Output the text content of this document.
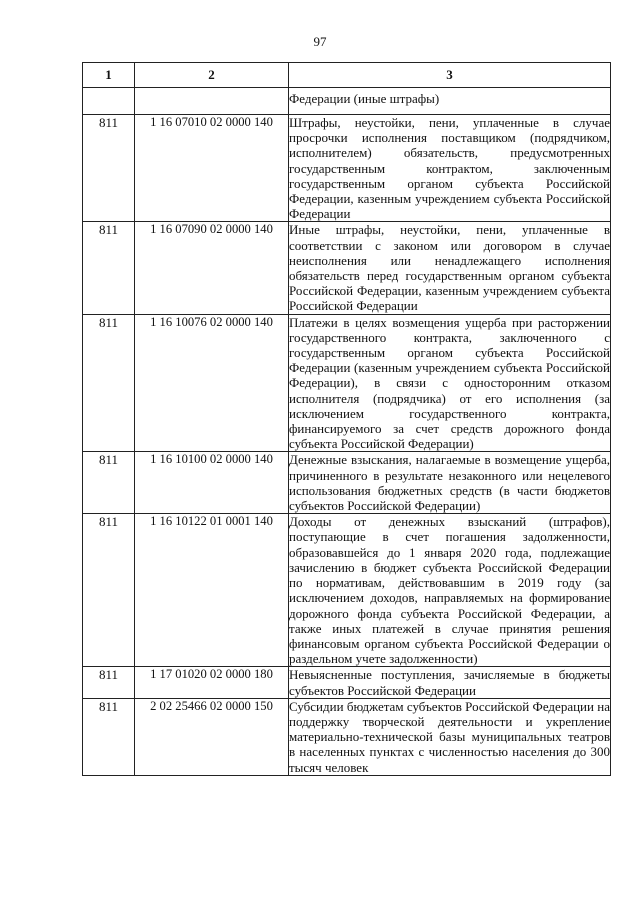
97
1	2	3
		Федерации (иные штрафы)
811	1 16 07010 02 0000 140	Штрафы, неустойки, пени, уплаченные в случае просрочки исполнения поставщиком (подрядчиком, исполнителем) обязательств, предусмотренных государственным контрактом, заключенным государственным органом субъекта Российской Федерации, казенным учреждением субъекта Российской Федерации
811	1 16 07090 02 0000 140	Иные штрафы, неустойки, пени, уплаченные в соответствии с законом или договором в случае неисполнения или ненадлежащего исполнения обязательств перед государственным органом субъекта Российской Федерации, казенным учреждением субъекта Российской Федерации
811	1 16 10076 02 0000 140	Платежи в целях возмещения ущерба при расторжении государственного контракта, заключенного с государственным органом субъекта Российской Федерации (казенным учреждением субъекта Российской Федерации), в связи с односторонним отказом исполнителя (подрядчика) от его исполнения (за исключением государственного контракта, финансируемого за счет средств дорожного фонда субъекта Российской Федерации)
811	1 16 10100 02 0000 140	Денежные взыскания, налагаемые в возмещение ущерба, причиненного в результате незаконного или нецелевого использования бюджетных средств (в части бюджетов субъектов Российской Федерации)
811	1 16 10122 01 0001 140	Доходы от денежных взысканий (штрафов), поступающие в счет погашения задолженности, образовавшейся до 1 января 2020 года, подлежащие зачислению в бюджет субъекта Российской Федерации по нормативам, действовавшим в 2019 году (за исключением доходов, направляемых на формирование дорожного фонда субъекта Российской Федерации, а также иных платежей в случае принятия решения финансовым органом субъекта Российской Федерации о раздельном учете задолженности)
811	1 17 01020 02 0000 180	Невыясненные поступления, зачисляемые в бюджеты субъектов Российской Федерации
811	2 02 25466 02 0000 150	Субсидии бюджетам субъектов Российской Федерации на поддержку творческой деятельности и укрепление материально-технической базы муниципальных театров в населенных пунктах с численностью населения до 300 тысяч человек
